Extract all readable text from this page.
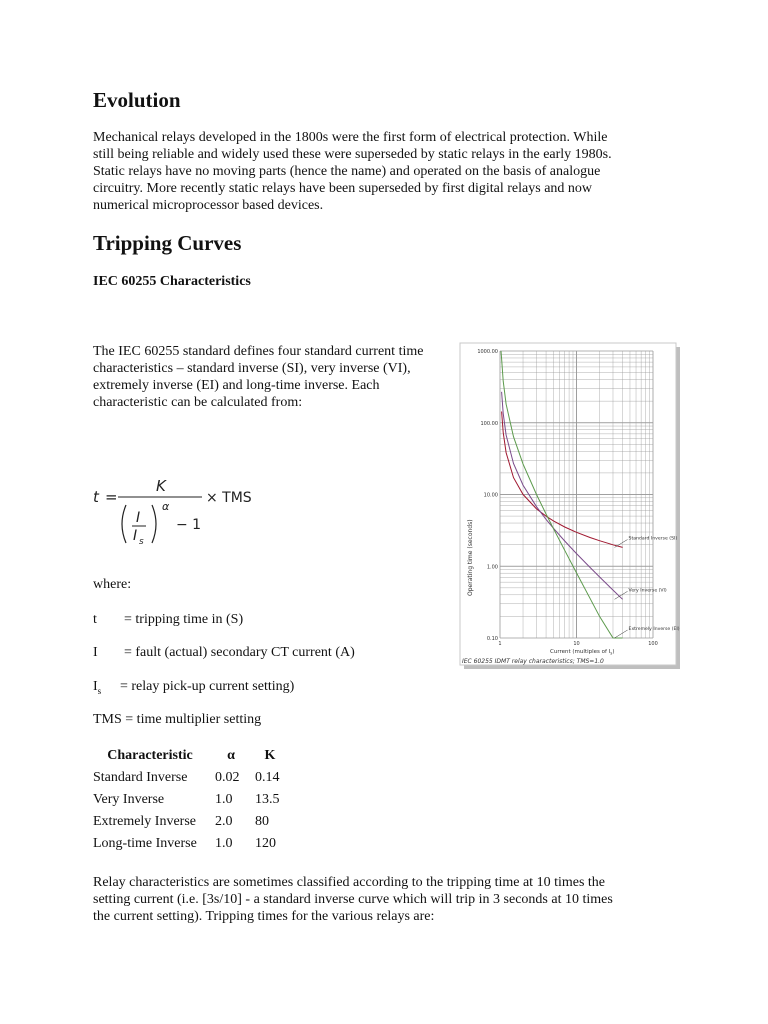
Evolution
Mechanical relays developed in the 1800s were the first form of electrical protection. While
still being reliable and widely used these were superseded by static relays in the early 1980s.
Static relays have no moving parts (hence the name) and operated on the basis of analogue
circuitry. More recently static relays have been superseded by first digital relays and now
numerical microprocessor based devices.
Tripping Curves
IEC 60255 Characteristics
The IEC 60255 standard defines four standard current time
characteristics – standard inverse (SI), very inverse (VI),
extremely inverse (EI) and long-time inverse. Each
characteristic can be calculated from:
t =
K
I
I s
α
− 1
× TMS
0.10
1.00
10.00
100.00
1000.00
1	10	100
Standard Inverse (SI)
Very Inverse (VI)
Extremely Inverse (EI)
Operating time (seconds)
Current (multiples of $I_s$)
IEC 60255 IDMT relay characteristics; TMS=1.0
where:
t = tripping time in (S)
I = fault (actual) secondary CT current (A)
$I_s$ = relay pick-up current setting)
TMS = time multiplier setting
Characteristic	α	K
Standard Inverse	0.02	0.14
Very Inverse	1.0	13.5
Extremely Inverse	2.0	80
Long-time Inverse	1.0	120
Relay characteristics are sometimes classified according to the tripping time at 10 times the
setting current (i.e. [3s/10] - a standard inverse curve which will trip in 3 seconds at 10 times
the current setting). Tripping times for the various relays are:
